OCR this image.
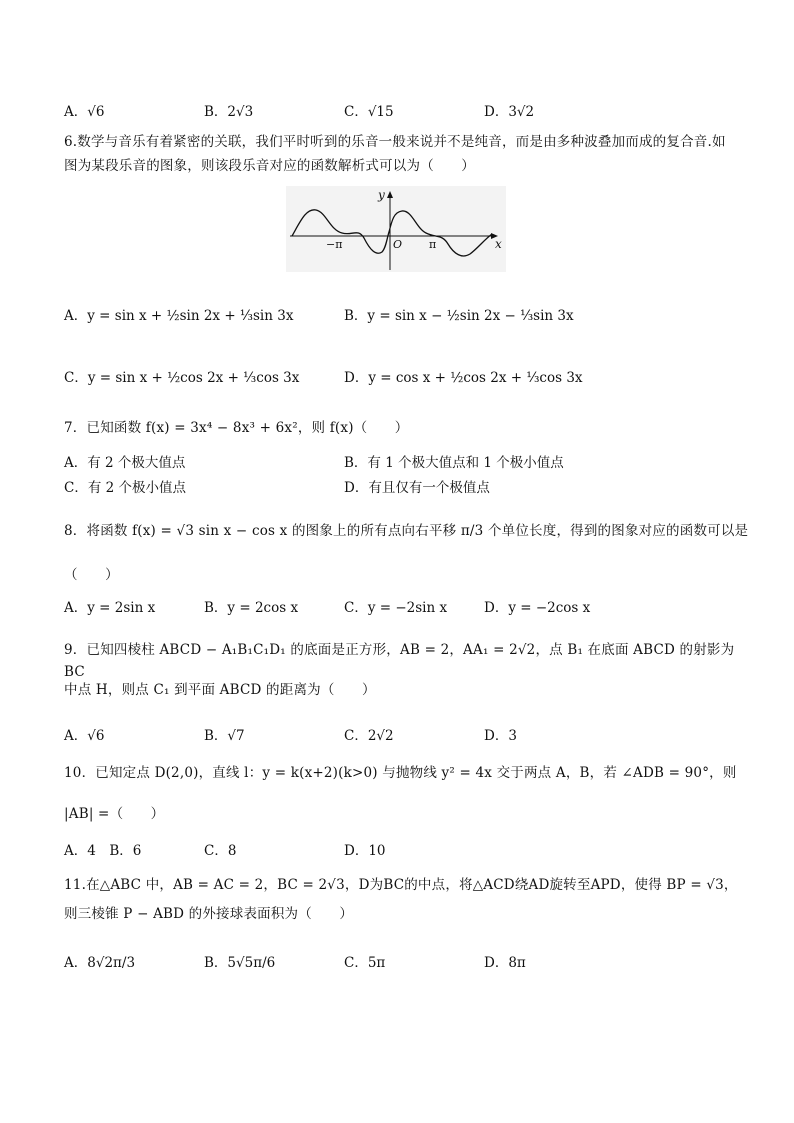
A．√6	B．2√3	C．√15	D．3√2
6.数学与音乐有着紧密的关联，我们平时听到的乐音一般来说并不是纯音，而是由多种波叠加而成的复合音.如
图为某段乐音的图象，则该段乐音对应的函数解析式可以为（　　）
y
x
O
−π	π
A．y = sin x + ½sin 2x + ⅓sin 3x	B．y = sin x − ½sin 2x − ⅓sin 3x
C．y = sin x + ½cos 2x + ⅓cos 3x	D．y = cos x + ½cos 2x + ⅓cos 3x
7．已知函数 f(x) = 3x⁴ − 8x³ + 6x²，则 f(x)（　　）
A．有 2 个极大值点	B．有 1 个极大值点和 1 个极小值点
C．有 2 个极小值点	D．有且仅有一个极值点
8．将函数 f(x) = √3 sin x − cos x 的图象上的所有点向右平移 π/3 个单位长度，得到的图象对应的函数可以是
（　　）
A．y = 2sin x	B．y = 2cos x	C．y = −2sin x	D．y = −2cos x
9．已知四棱柱 ABCD − A₁B₁C₁D₁ 的底面是正方形，AB = 2，AA₁ = 2√2，点 B₁ 在底面 ABCD 的射影为 BC
中点 H，则点 C₁ 到平面 ABCD 的距离为（　　）
A．√6	B．√7	C．2√2	D．3
10．已知定点 D(2,0)，直线 l：y = k(x+2)(k>0) 与抛物线 y² = 4x 交于两点 A，B，若 ∠ADB = 90°，则
|AB| =（　　）
A．4　B．6	C．8	D．10
11.在△ABC 中，AB = AC = 2，BC = 2√3，D为BC的中点，将△ACD绕AD旋转至APD，使得 BP = √3，
则三棱锥 P − ABD 的外接球表面积为（　　）
A．8√2π/3	B．5√5π/6	C．5π	D．8π
